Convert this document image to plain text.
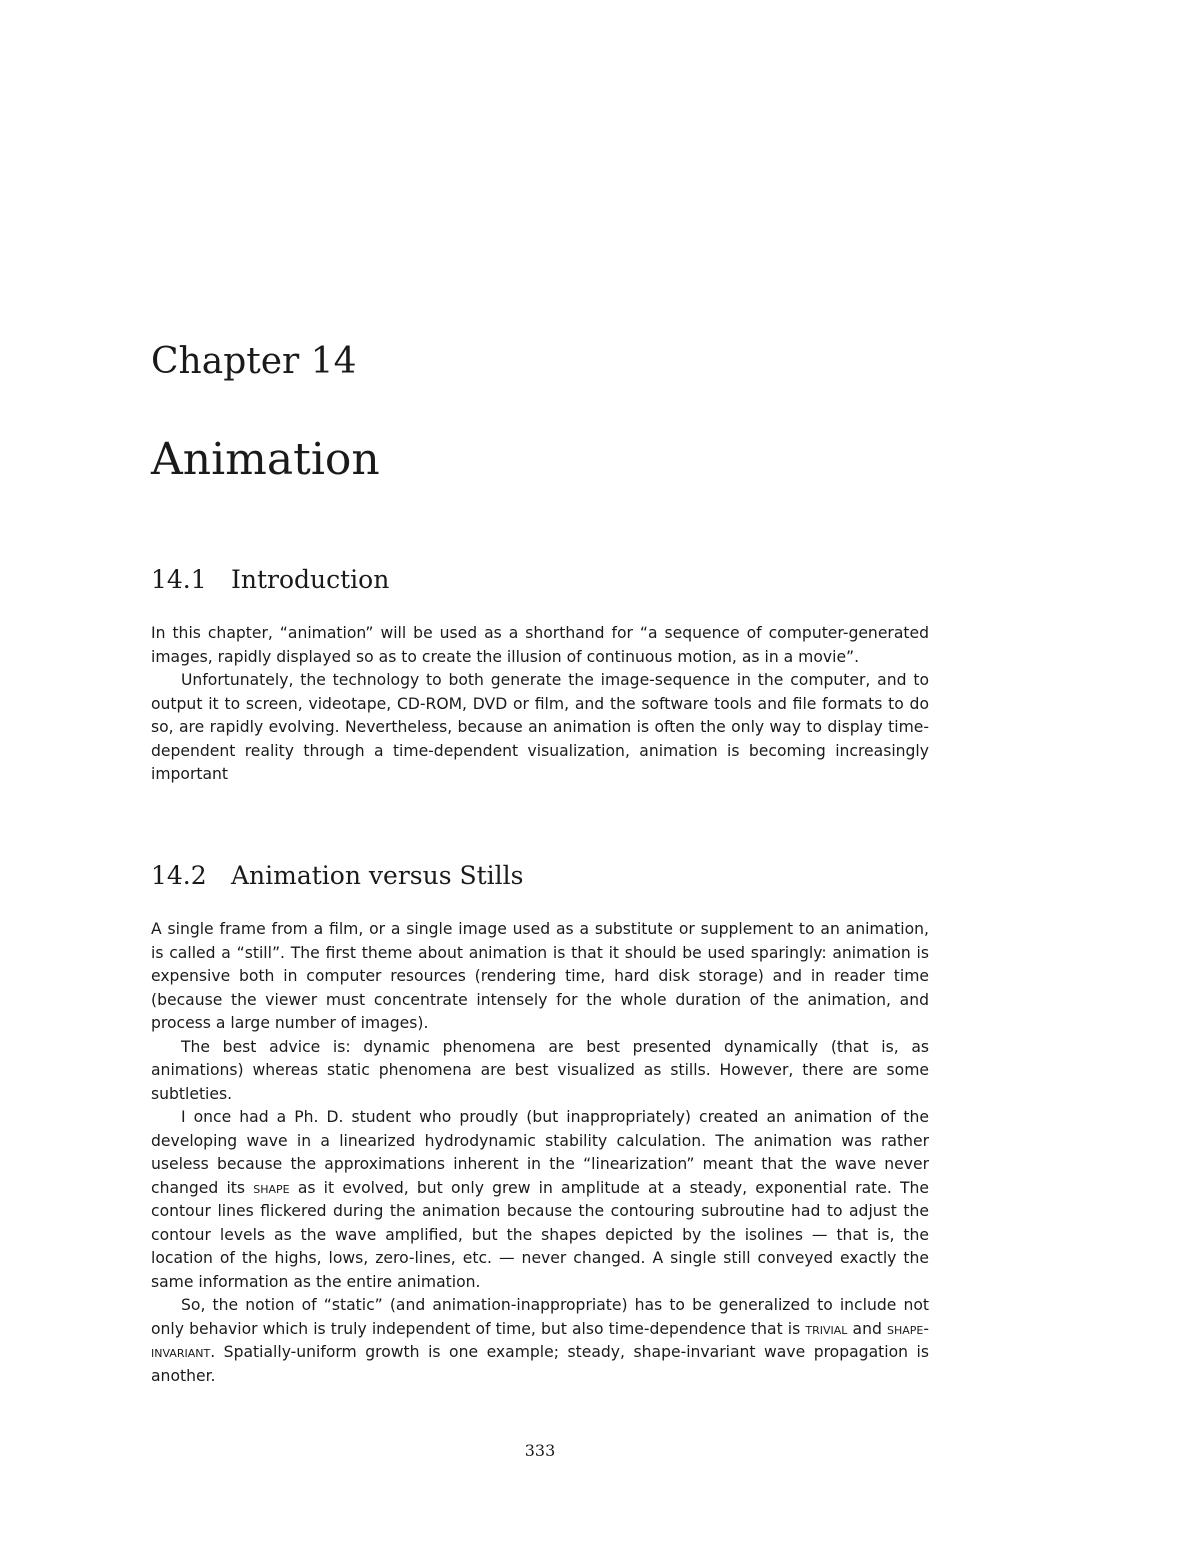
Chapter 14
Animation
14.1 Introduction

In this chapter, “animation” will be used as a shorthand for “a sequence of computer-generated images, rapidly displayed so as to create the illusion of continuous motion, as in a movie”.

Unfortunately, the technology to both generate the image-sequence in the computer, and to output it to screen, videotape, CD-ROM, DVD or film, and the software tools and file formats to do so, are rapidly evolving. Nevertheless, because an animation is often the only way to display time-dependent reality through a time-dependent visualization, animation is becoming increasingly important

14.2 Animation versus Stills

A single frame from a film, or a single image used as a substitute or supplement to an animation, is called a “still”. The first theme about animation is that it should be used sparingly: animation is expensive both in computer resources (rendering time, hard disk storage) and in reader time (because the viewer must concentrate intensely for the whole duration of the animation, and process a large number of images).

The best advice is: dynamic phenomena are best presented dynamically (that is, as animations) whereas static phenomena are best visualized as stills. However, there are some subtleties.

I once had a Ph. D. student who proudly (but inappropriately) created an animation of the developing wave in a linearized hydrodynamic stability calculation. The animation was rather useless because the approximations inherent in the “linearization” meant that the wave never changed its shape as it evolved, but only grew in amplitude at a steady, exponential rate. The contour lines flickered during the animation because the contouring subroutine had to adjust the contour levels as the wave amplified, but the shapes depicted by the isolines — that is, the location of the highs, lows, zero-lines, etc. — never changed. A single still conveyed exactly the same information as the entire animation.

So, the notion of “static” (and animation-inappropriate) has to be generalized to include not only behavior which is truly independent of time, but also time-dependence that is trivial and shape-invariant. Spatially-uniform growth is one example; steady, shape-invariant wave propagation is another.

333
